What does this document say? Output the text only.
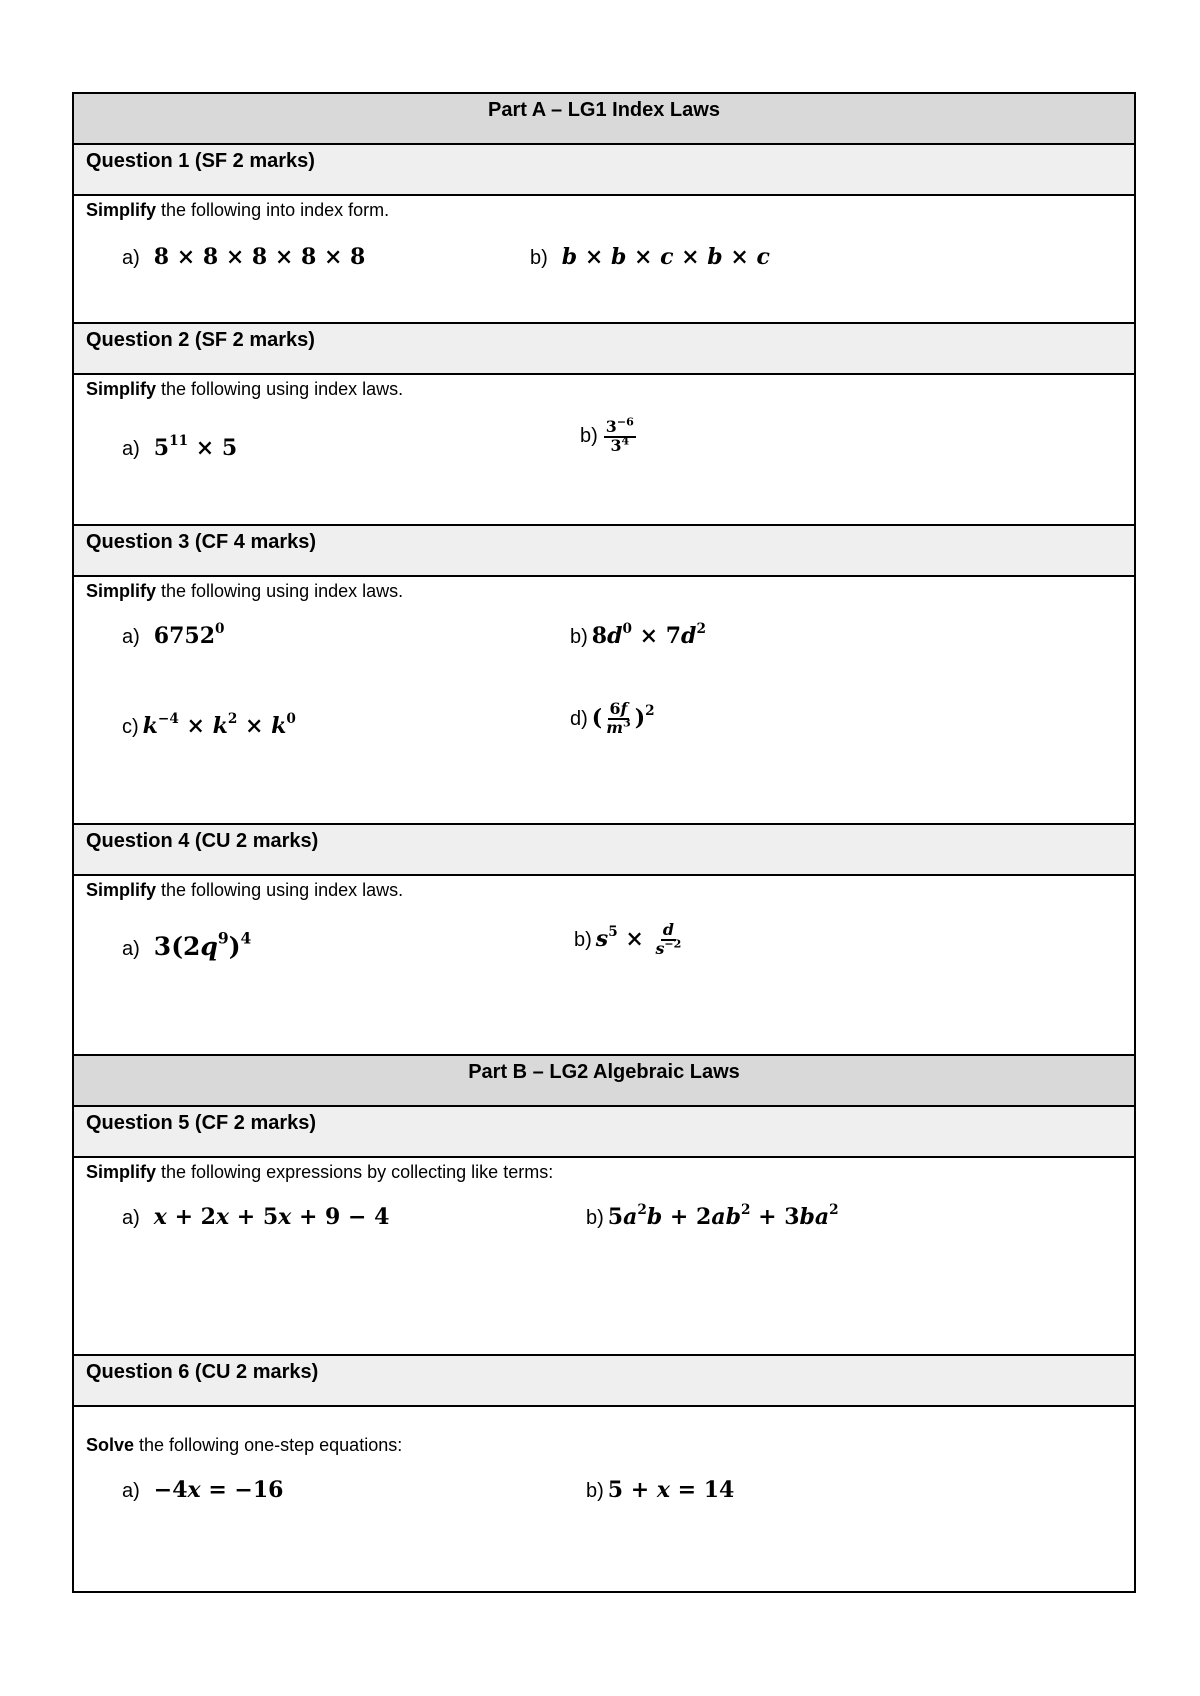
Part A – LG1 Index Laws
Question 1 (SF 2 marks)
Simplify the following into index form.
a) 8 × 8 × 8 × 8 × 8	b) b × b × c × b × c
Question 2 (SF 2 marks)
Simplify the following using index laws.
a) $5^{11} \times 5$	$b) \frac{3^{-6}}{3^4}$
Question 3 (CF 4 marks)
Simplify the following using index laws.
a) 6752$^0$	b) $8d^0 \times 7d^2$
c) $k^{-4} \times k^2 \times k^0$	d) ( $\frac{6f}{m^3} )^2$
Question 4 (CU 2 marks)
Simplify the following using index laws.
a) $3(2q^9)^4$	b) $s^5 \times \frac{d}{s^{-2}}$
Part B – LG2 Algebraic Laws
Question 5 (CF 2 marks)
Simplify the following expressions by collecting like terms:
a) x + 2x + 5x + 9 − 4	b) $5a^2b + 2ab^2 + 3ba^2$
Question 6 (CU 2 marks)
Solve the following one-step equations:
a) −4x = −16	b) 5 + x = 14
